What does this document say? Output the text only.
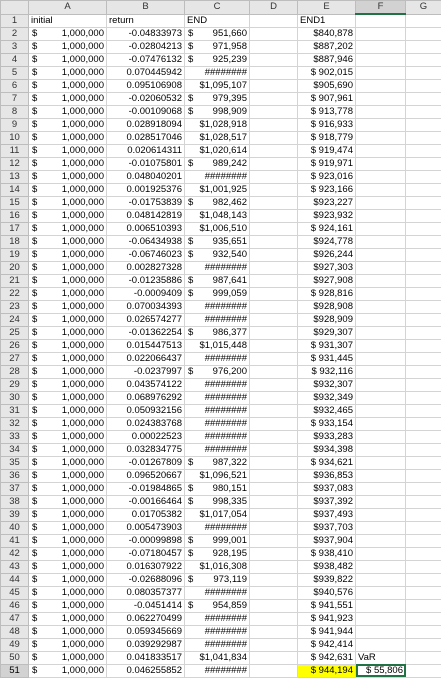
	A	B	C	D	E	F	G
1	initial	return	END		END1		
2	$ 1,000,000	-0.04833973	$ 951,660		$840,878		
3	$ 1,000,000	-0.02804213	$ 971,958		$887,202		
4	$ 1,000,000	-0.07476132	$ 925,239		$887,946		
5	$ 1,000,000	0.070445942	########		$ 902,015		
6	$ 1,000,000	0.095106908	$1,095,107		$905,690		
7	$ 1,000,000	-0.02060532	$ 979,395		$ 907,961		
8	$ 1,000,000	-0.00109068	$ 998,909		$ 913,778		
9	$ 1,000,000	0.028918094	$1,028,918		$ 916,933		
10	$ 1,000,000	0.028517046	$1,028,517		$ 918,779		
11	$ 1,000,000	0.020614311	$1,020,614		$ 919,474		
12	$ 1,000,000	-0.01075801	$ 989,242		$ 919,971		
13	$ 1,000,000	0.048040201	########		$ 923,016		
14	$ 1,000,000	0.001925376	$1,001,925		$ 923,166		
15	$ 1,000,000	-0.01753839	$ 982,462		$923,227		
16	$ 1,000,000	0.048142819	$1,048,143		$923,932		
17	$ 1,000,000	0.006510393	$1,006,510		$ 924,161		
18	$ 1,000,000	-0.06434938	$ 935,651		$924,778		
19	$ 1,000,000	-0.06746023	$ 932,540		$926,244		
20	$ 1,000,000	0.002827328	########		$927,303		
21	$ 1,000,000	-0.01235886	$ 987,641		$927,908		
22	$ 1,000,000	-0.0009409	$ 999,059		$ 928,816		
23	$ 1,000,000	0.070034393	########		$928,908		
24	$ 1,000,000	0.026574277	########		$928,909		
25	$ 1,000,000	-0.01362254	$ 986,377		$929,307		
26	$ 1,000,000	0.015447513	$1,015,448		$ 931,307		
27	$ 1,000,000	0.022066437	########		$ 931,445		
28	$ 1,000,000	-0.0237997	$ 976,200		$ 932,116		
29	$ 1,000,000	0.043574122	########		$932,307		
30	$ 1,000,000	0.068976292	########		$932,349		
31	$ 1,000,000	0.050932156	########		$932,465		
32	$ 1,000,000	0.024383768	########		$ 933,154		
33	$ 1,000,000	0.00022523	########		$933,283		
34	$ 1,000,000	0.032834775	########		$934,398		
35	$ 1,000,000	-0.01267809	$ 987,322		$ 934,621		
36	$ 1,000,000	0.096520667	$1,096,521		$936,853		
37	$ 1,000,000	-0.01984865	$ 980,151		$937,083		
38	$ 1,000,000	-0.00166464	$ 998,335		$937,392		
39	$ 1,000,000	0.01705382	$1,017,054		$937,493		
40	$ 1,000,000	0.005473903	########		$937,703		
41	$ 1,000,000	-0.00099898	$ 999,001		$937,904		
42	$ 1,000,000	-0.07180457	$ 928,195		$ 938,410		
43	$ 1,000,000	0.016307922	$1,016,308		$938,482		
44	$ 1,000,000	-0.02688096	$ 973,119		$939,822		
45	$ 1,000,000	0.080357377	########		$940,576		
46	$ 1,000,000	-0.0451414	$ 954,859		$ 941,551		
47	$ 1,000,000	0.062270499	########		$ 941,923		
48	$ 1,000,000	0.059345669	########		$ 941,944		
49	$ 1,000,000	0.039292987	########		$ 942,414		
50	$ 1,000,000	0.041833517	$1,041,834		$ 942,631	VaR	
51	$ 1,000,000	0.046255852	########		$ 944,194	$ 55,806	
